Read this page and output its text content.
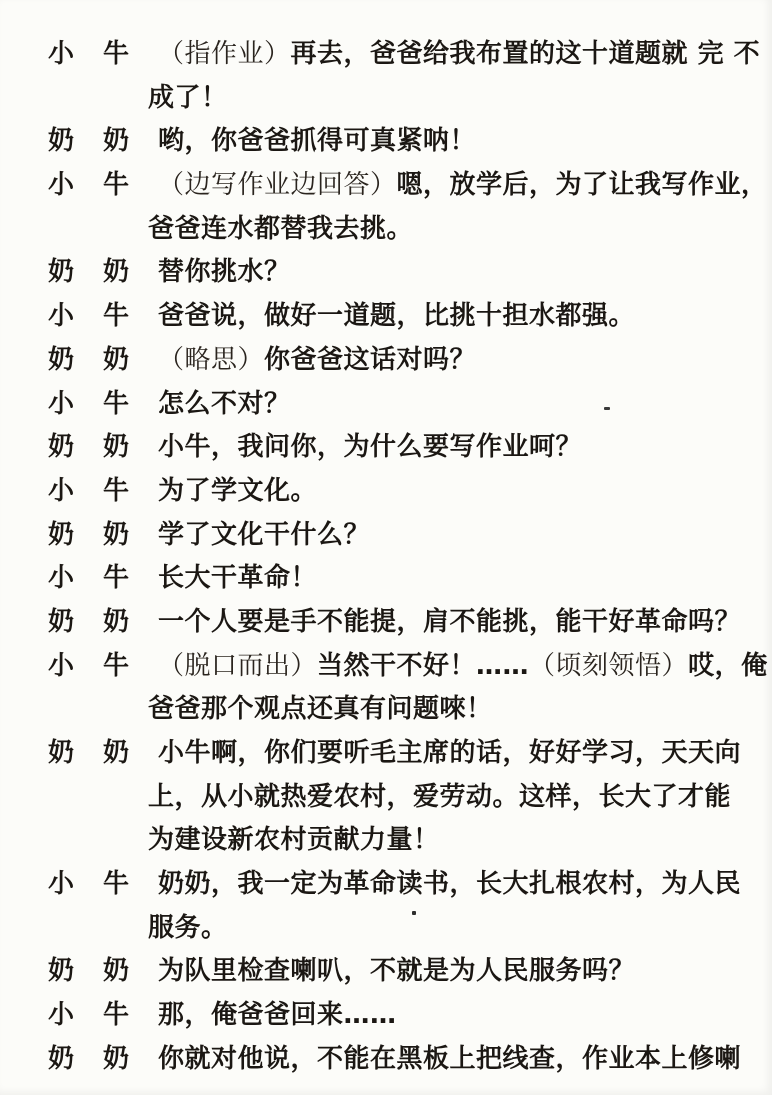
小牛 （指作业）再去，爸爸给我布置的这十道题就 完 不
成了！
奶奶 哟，你爸爸抓得可真紧呐！
小牛 （边写作业边回答）嗯，放学后，为了让我写作业，
爸爸连水都替我去挑。
奶奶 替你挑水？
小牛 爸爸说，做好一道题，比挑十担水都强。
奶奶 （略思）你爸爸这话对吗？
小牛 怎么不对？
奶奶 小牛，我问你，为什么要写作业呵？
小牛 为了学文化。
奶奶 学了文化干什么？
小牛 长大干革命！
奶奶 一个人要是手不能提，肩不能挑，能干好革命吗？
小牛 （脱口而出）当然干不好！……（顷刻领悟）哎，俺
爸爸那个观点还真有问题唻！
奶奶 小牛啊，你们要听毛主席的话，好好学习，天天向
上，从小就热爱农村，爱劳动。这样，长大了才能
为建设新农村贡献力量！
小牛 奶奶，我一定为革命读书，长大扎根农村，为人民
服务。
奶奶 为队里检查喇叭，不就是为人民服务吗？
小牛 那，俺爸爸回来……
奶奶 你就对他说，不能在黑板上把线查，作业本上修喇
